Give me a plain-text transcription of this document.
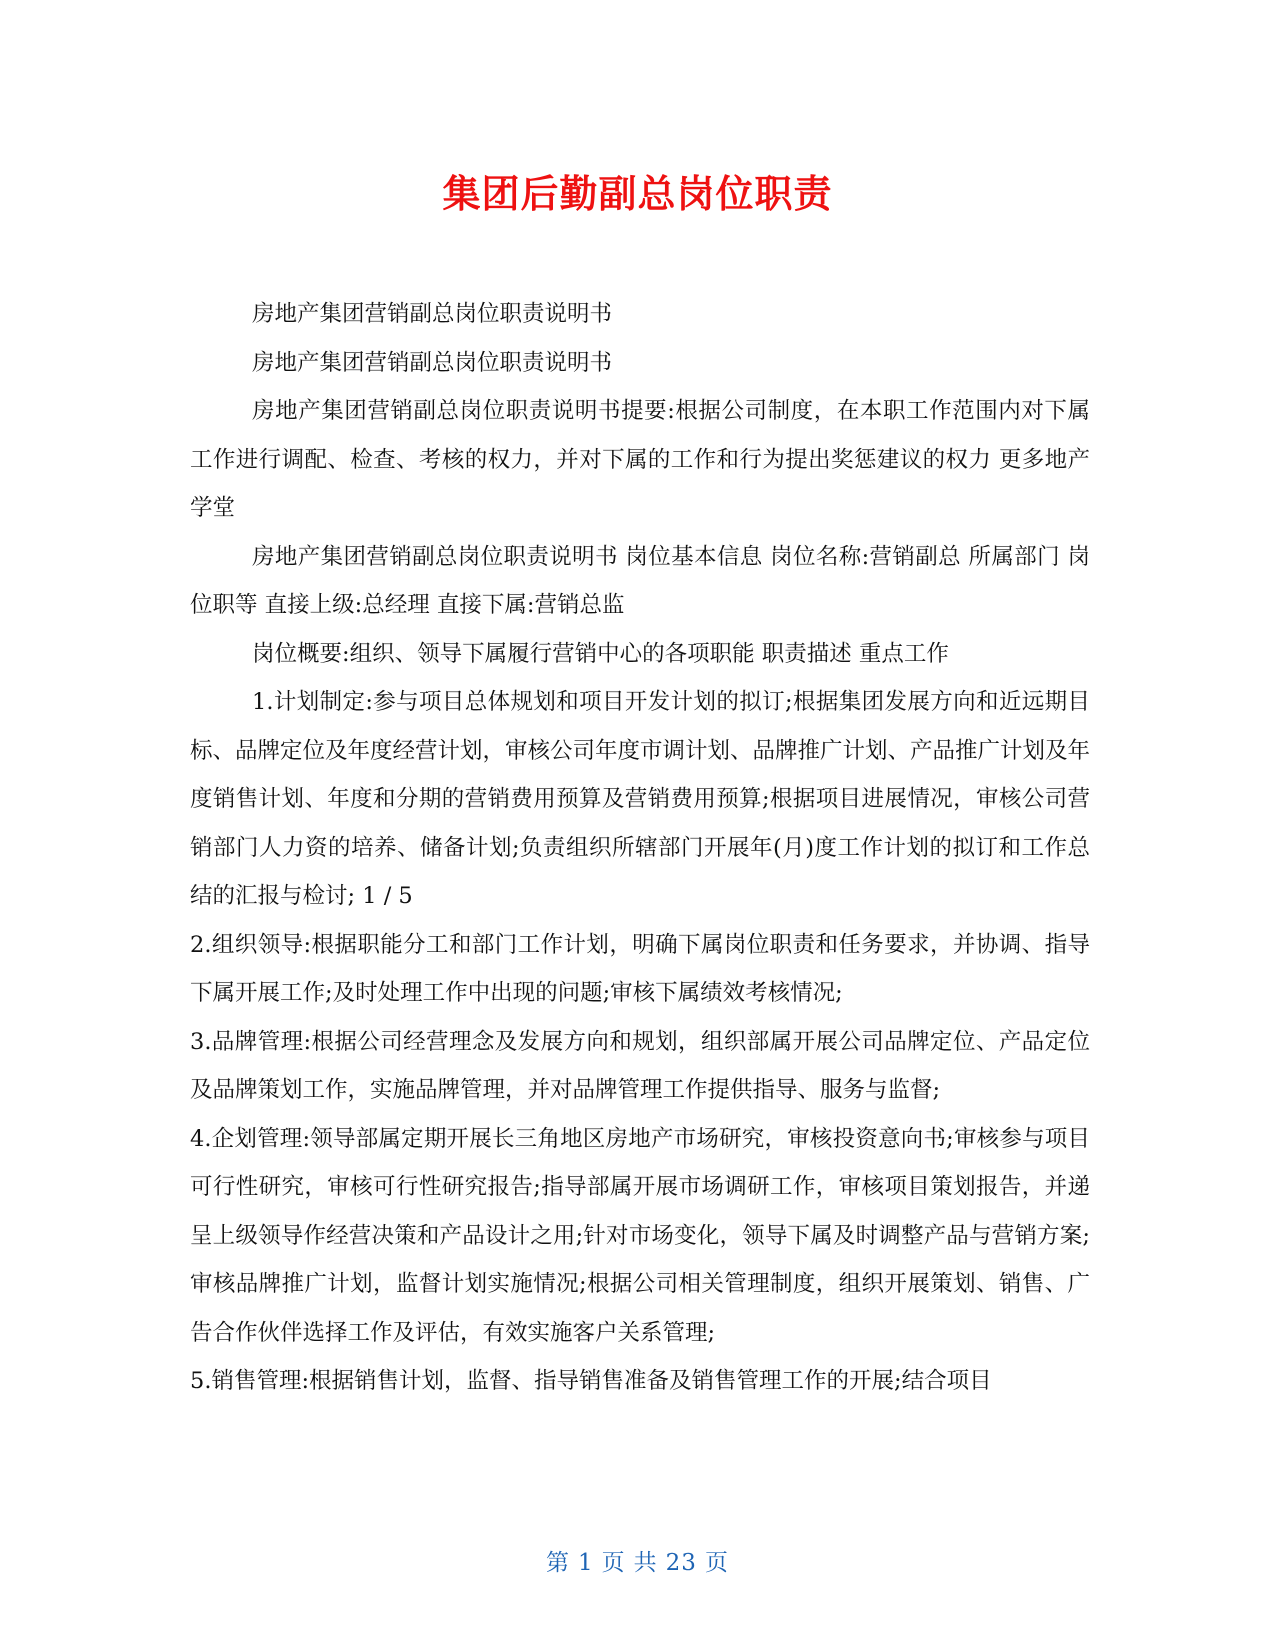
集团后勤副总岗位职责

房地产集团营销副总岗位职责说明书

房地产集团营销副总岗位职责说明书

房地产集团营销副总岗位职责说明书提要:根据公司制度，在本职工作范围内对下属工作进行调配、检查、考核的权力，并对下属的工作和行为提出奖惩建议的权力 更多地产学堂

房地产集团营销副总岗位职责说明书 岗位基本信息 岗位名称:营销副总 所属部门 岗位职等 直接上级:总经理 直接下属:营销总监

岗位概要:组织、领导下属履行营销中心的各项职能 职责描述 重点工作

1.计划制定:参与项目总体规划和项目开发计划的拟订;根据集团发展方向和近远期目标、品牌定位及年度经营计划，审核公司年度市调计划、品牌推广计划、产品推广计划及年度销售计划、年度和分期的营销费用预算及营销费用预算;根据项目进展情况，审核公司营销部门人力资的培养、储备计划;负责组织所辖部门开展年(月)度工作计划的拟订和工作总结的汇报与检讨; 1 / 5

2.组织领导:根据职能分工和部门工作计划，明确下属岗位职责和任务要求，并协调、指导下属开展工作;及时处理工作中出现的问题;审核下属绩效考核情况;

3.品牌管理:根据公司经营理念及发展方向和规划，组织部属开展公司品牌定位、产品定位及品牌策划工作，实施品牌管理，并对品牌管理工作提供指导、服务与监督;

4.企划管理:领导部属定期开展长三角地区房地产市场研究，审核投资意向书;审核参与项目可行性研究，审核可行性研究报告;指导部属开展市场调研工作，审核项目策划报告，并递呈上级领导作经营决策和产品设计之用;针对市场变化，领导下属及时调整产品与营销方案;审核品牌推广计划，监督计划实施情况;根据公司相关管理制度，组织开展策划、销售、广告合作伙伴选择工作及评估，有效实施客户关系管理;

5.销售管理:根据销售计划，监督、指导销售准备及销售管理工作的开展;结合项目

第 1 页 共 23 页
